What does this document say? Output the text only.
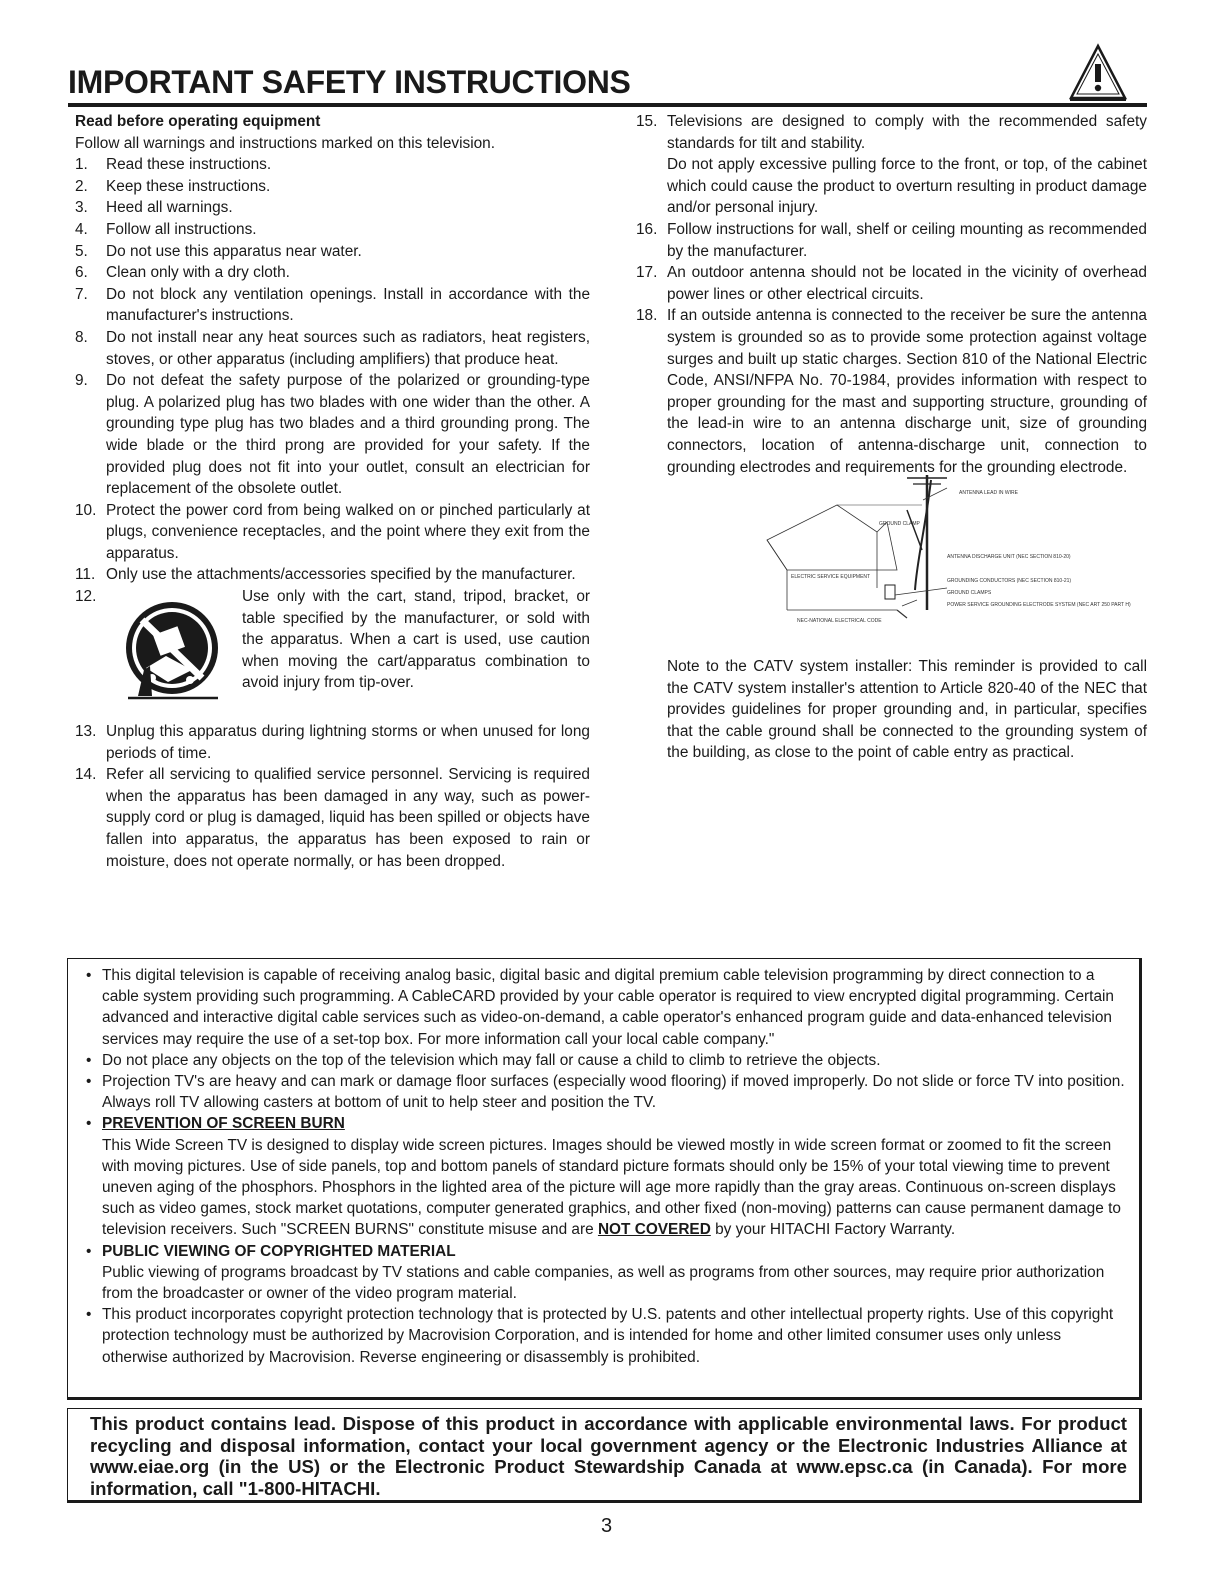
IMPORTANT SAFETY INSTRUCTIONS
Read before operating equipment
Follow all warnings and instructions marked on this television.
1.	Read these instructions.
2.	Keep these instructions.
3.	Heed all warnings.
4.	Follow all instructions.
5.	Do not use this apparatus near water.
6.	Clean only with a dry cloth.
7.	Do not block any ventilation openings. Install in accordance with the manufacturer's instructions.
8.	Do not install near any heat sources such as radiators, heat registers, stoves, or other apparatus (including amplifiers) that produce heat.
9.	Do not defeat the safety purpose of the polarized or grounding-type plug. A polarized plug has two blades with one wider than the other. A grounding type plug has two blades and a third grounding prong. The wide blade or the third prong are provided for your safety. If the provided plug does not fit into your outlet, consult an electrician for replacement of the obsolete outlet.
10. Protect the power cord from being walked on or pinched particularly at plugs, convenience receptacles, and the point where they exit from the apparatus.
11. Only use the attachments/accessories specified by the manufacturer.
12.	Use only with the cart, stand, tripod, bracket, or table specified by the manufacturer, or sold with the apparatus. When a cart is used, use caution when moving the cart/apparatus combination to avoid injury from tip-over.
13. Unplug this apparatus during lightning storms or when unused for long periods of time.
14. Refer all servicing to qualified service personnel. Servicing is required when the apparatus has been damaged in any way, such as power-supply cord or plug is damaged, liquid has been spilled or objects have fallen into apparatus, the apparatus has been exposed to rain or moisture, does not operate normally, or has been dropped.
15. Televisions are designed to comply with the recommended safety standards for tilt and stability.
Do not apply excessive pulling force to the front, or top, of the cabinet which could cause the product to overturn resulting in product damage and/or personal injury.
16. Follow instructions for wall, shelf or ceiling mounting as recommended by the manufacturer.
17. An outdoor antenna should not be located in the vicinity of overhead power lines or other electrical circuits.
18. If an outside antenna is connected to the receiver be sure the antenna system is grounded so as to provide some protection against voltage surges and built up static charges. Section 810 of the National Electric Code, ANSI/NFPA No. 70-1984, provides information with respect to proper grounding for the mast and supporting structure, grounding of the lead-in wire to an antenna discharge unit, size of grounding connectors, location of antenna-discharge unit, connection to grounding electrodes and requirements for the grounding electrode.
ANTENNA LEAD IN WIRE
GROUND CLAMP
ANTENNA DISCHARGE UNIT (NEC SECTION 810-20)
ELECTRIC SERVICE EQUIPMENT
GROUNDING CONDUCTORS (NEC SECTION 810-21)
GROUND CLAMPS
POWER SERVICE GROUNDING ELECTRODE SYSTEM (NEC ART 250 PART H)
NEC-NATIONAL ELECTRICAL CODE
Note to the CATV system installer: This reminder is provided to call the CATV system installer's attention to Article 820-40 of the NEC that provides guidelines for proper grounding and, in particular, specifies that the cable ground shall be connected to the grounding system of the building, as close to the point of cable entry as practical.
• This digital television is capable of receiving analog basic, digital basic and digital premium cable television programming by direct connection to a cable system providing such programming. A CableCARD provided by your cable operator is required to view encrypted digital programming. Certain advanced and interactive digital cable services such as video-on-demand, a cable operator's enhanced program guide and data-enhanced television services may require the use of a set-top box. For more information call your local cable company."
• Do not place any objects on the top of the television which may fall or cause a child to climb to retrieve the objects.
• Projection TV's are heavy and can mark or damage floor surfaces (especially wood flooring) if moved improperly. Do not slide or force TV into position. Always roll TV allowing casters at bottom of unit to help steer and position the TV.
• PREVENTION OF SCREEN BURN
This Wide Screen TV is designed to display wide screen pictures. Images should be viewed mostly in wide screen format or zoomed to fit the screen with moving pictures. Use of side panels, top and bottom panels of standard picture formats should only be 15% of your total viewing time to prevent uneven aging of the phosphors. Phosphors in the lighted area of the picture will age more rapidly than the gray areas. Continuous on-screen displays such as video games, stock market quotations, computer generated graphics, and other fixed (non-moving) patterns can cause permanent damage to television receivers. Such "SCREEN BURNS" constitute misuse and are NOT COVERED by your HITACHI Factory Warranty.
• PUBLIC VIEWING OF COPYRIGHTED MATERIAL
Public viewing of programs broadcast by TV stations and cable companies, as well as programs from other sources, may require prior authorization from the broadcaster or owner of the video program material.
• This product incorporates copyright protection technology that is protected by U.S. patents and other intellectual property rights. Use of this copyright protection technology must be authorized by Macrovision Corporation, and is intended for home and other limited consumer uses only unless otherwise authorized by Macrovision. Reverse engineering or disassembly is prohibited.
This product contains lead. Dispose of this product in accordance with applicable environmental laws. For product recycling and disposal information, contact your local government agency or the Electronic Industries Alliance at www.eiae.org (in the US) or the Electronic Product Stewardship Canada at www.epsc.ca (in Canada). For more information, call "1-800-HITACHI.
3
